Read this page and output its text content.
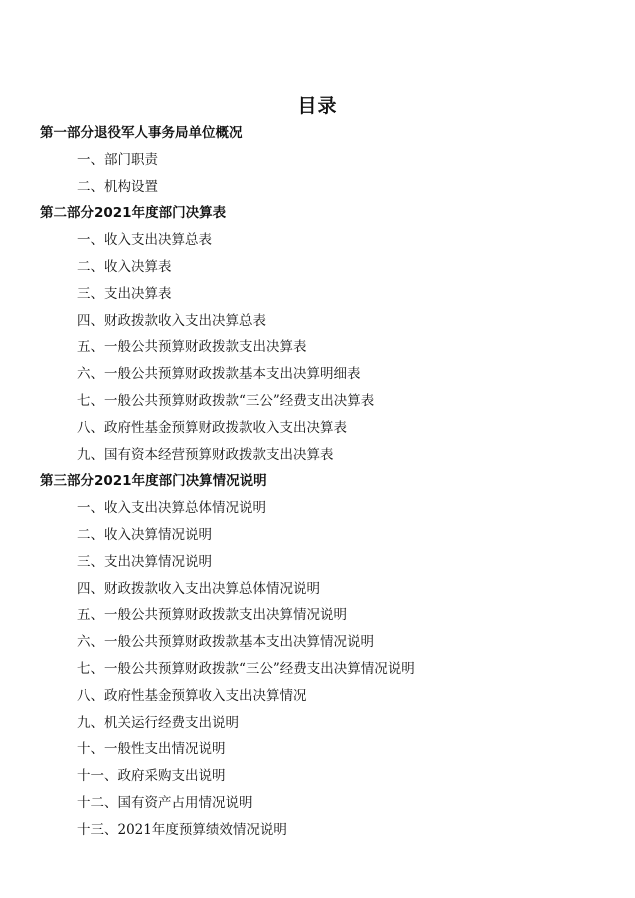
目录
第一部分退役军人事务局单位概况
一、部门职责
二、机构设置
第二部分2021年度部门决算表
一、收入支出决算总表
二、收入决算表
三、支出决算表
四、财政拨款收入支出决算总表
五、一般公共预算财政拨款支出决算表
六、一般公共预算财政拨款基本支出决算明细表
七、一般公共预算财政拨款“三公”经费支出决算表
八、政府性基金预算财政拨款收入支出决算表
九、国有资本经营预算财政拨款支出决算表
第三部分2021年度部门决算情况说明
一、收入支出决算总体情况说明
二、收入决算情况说明
三、支出决算情况说明
四、财政拨款收入支出决算总体情况说明
五、一般公共预算财政拨款支出决算情况说明
六、一般公共预算财政拨款基本支出决算情况说明
七、一般公共预算财政拨款“三公”经费支出决算情况说明
八、政府性基金预算收入支出决算情况
九、机关运行经费支出说明
十、一般性支出情况说明
十一、政府采购支出说明
十二、国有资产占用情况说明
十三、2021年度预算绩效情况说明
